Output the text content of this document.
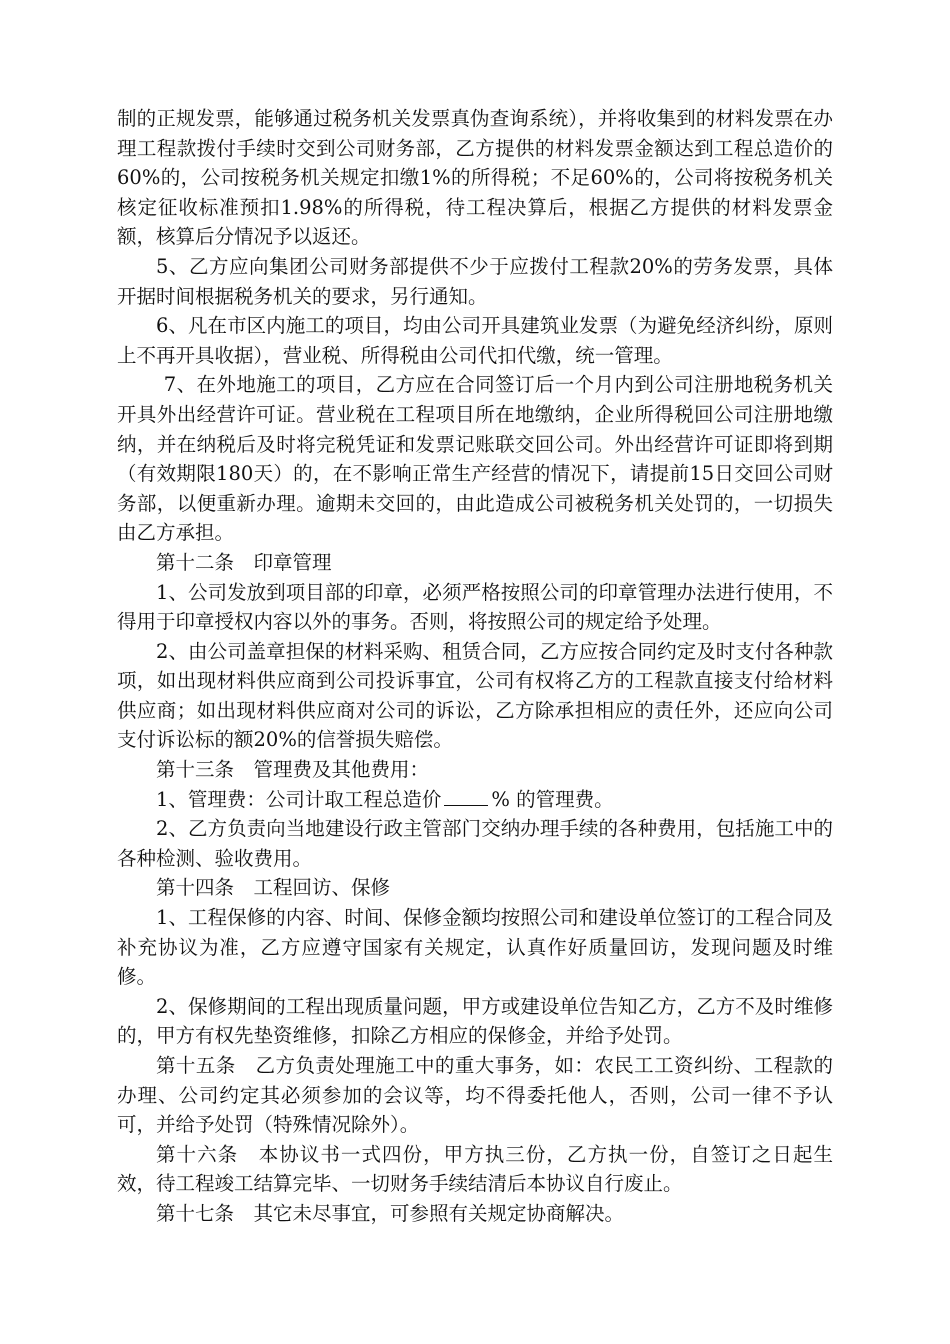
制的正规发票，能够通过税务机关发票真伪查询系统），并将收集到的材料发票在办理工程款拨付手续时交到公司财务部，乙方提供的材料发票金额达到工程总造价的60%的，公司按税务机关规定扣缴1%的所得税；不足60%的，公司将按税务机关核定征收标准预扣1.98%的所得税，待工程决算后，根据乙方提供的材料发票金额，核算后分情况予以返还。

5、乙方应向集团公司财务部提供不少于应拨付工程款20%的劳务发票，具体开据时间根据税务机关的要求，另行通知。

6、凡在市区内施工的项目，均由公司开具建筑业发票（为避免经济纠纷，原则上不再开具收据），营业税、所得税由公司代扣代缴，统一管理。

7、在外地施工的项目，乙方应在合同签订后一个月内到公司注册地税务机关开具外出经营许可证。营业税在工程项目所在地缴纳，企业所得税回公司注册地缴纳，并在纳税后及时将完税凭证和发票记账联交回公司。外出经营许可证即将到期（有效期限180天）的，在不影响正常生产经营的情况下，请提前15日交回公司财务部，以便重新办理。逾期未交回的，由此造成公司被税务机关处罚的，一切损失由乙方承担。

第十二条　印章管理

1、公司发放到项目部的印章，必须严格按照公司的印章管理办法进行使用，不得用于印章授权内容以外的事务。否则，将按照公司的规定给予处理。

2、由公司盖章担保的材料采购、租赁合同，乙方应按合同约定及时支付各种款项，如出现材料供应商到公司投诉事宜，公司有权将乙方的工程款直接支付给材料供应商；如出现材料供应商对公司的诉讼，乙方除承担相应的责任外，还应向公司支付诉讼标的额20%的信誉损失赔偿。

第十三条　管理费及其他费用：

1、管理费：公司计取工程总造价	% 的管理费。

2、乙方负责向当地建设行政主管部门交纳办理手续的各种费用，包括施工中的各种检测、验收费用。

第十四条　工程回访、保修

1、工程保修的内容、时间、保修金额均按照公司和建设单位签订的工程合同及补充协议为准，乙方应遵守国家有关规定，认真作好质量回访，发现问题及时维修。

2、保修期间的工程出现质量问题，甲方或建设单位告知乙方，乙方不及时维修的，甲方有权先垫资维修，扣除乙方相应的保修金，并给予处罚。

第十五条　乙方负责处理施工中的重大事务，如：农民工工资纠纷、工程款的办理、公司约定其必须参加的会议等，均不得委托他人，否则，公司一律不予认可，并给予处罚（特殊情况除外）。

第十六条　本协议书一式四份，甲方执三份，乙方执一份，自签订之日起生效，待工程竣工结算完毕、一切财务手续结清后本协议自行废止。

第十七条　其它未尽事宜，可参照有关规定协商解决。
